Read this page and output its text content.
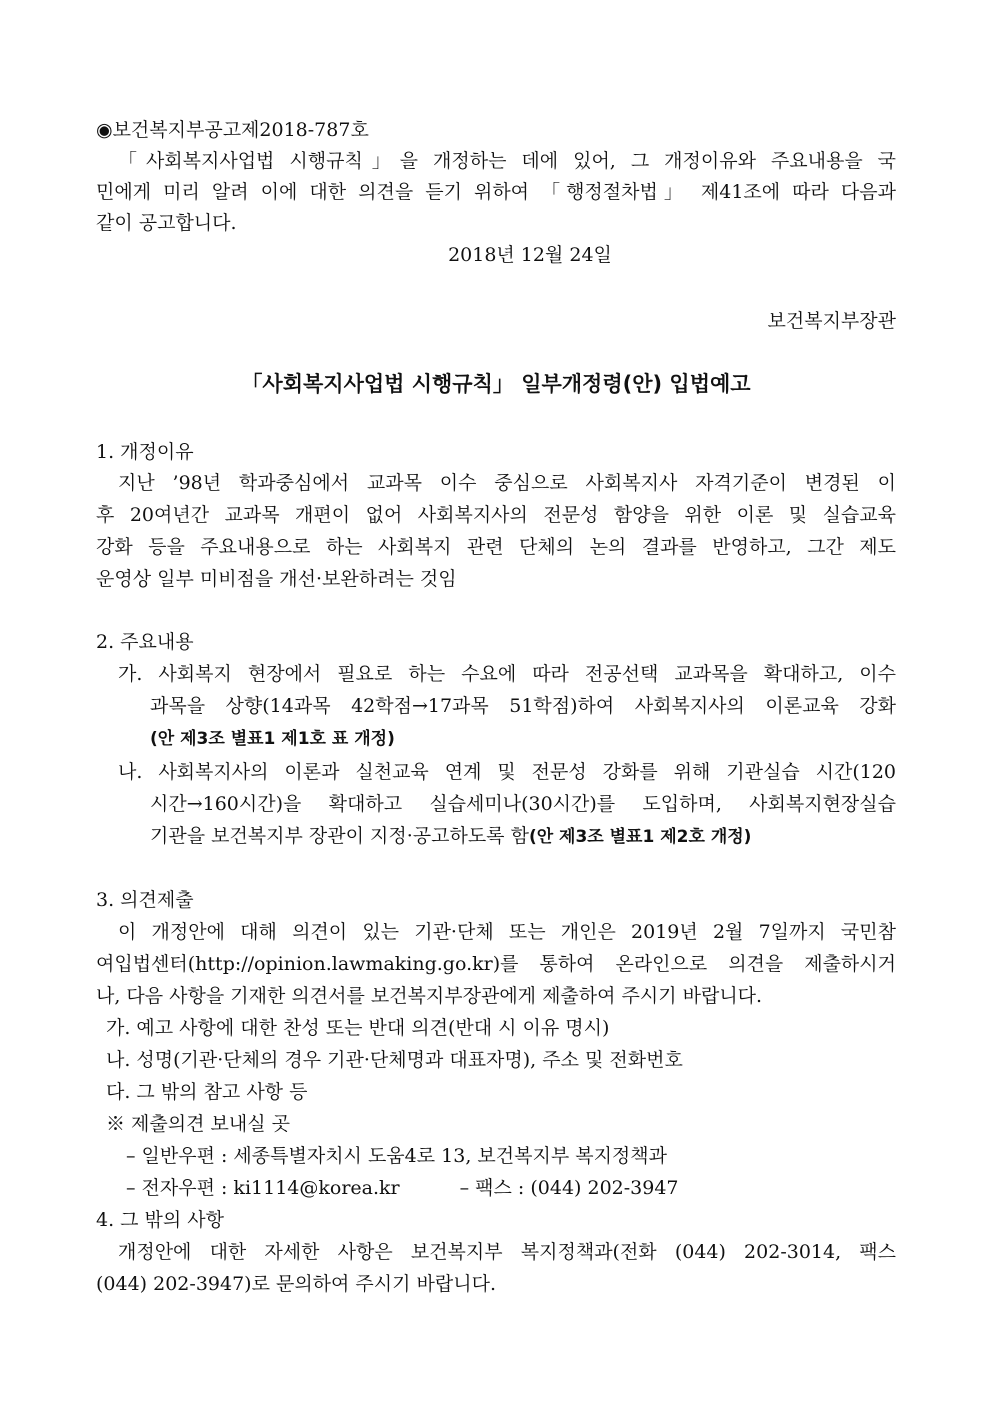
◉보건복지부공고제2018-787호
「사회복지사업법 시행규칙」을 개정하는 데에 있어, 그 개정이유와 주요내용을 국
민에게 미리 알려 이에 대한 의견을 듣기 위하여 「행정절차법」 제41조에 따라 다음과
같이 공고합니다.
2018년 12월 24일
보건복지부장관
「사회복지사업법 시행규칙」 일부개정령(안) 입법예고
1. 개정이유
지난 ’98년 학과중심에서 교과목 이수 중심으로 사회복지사 자격기준이 변경된 이
후 20여년간 교과목 개편이 없어 사회복지사의 전문성 함양을 위한 이론 및 실습교육
강화 등을 주요내용으로 하는 사회복지 관련 단체의 논의 결과를 반영하고, 그간 제도
운영상 일부 미비점을 개선·보완하려는 것임
2. 주요내용
가. 사회복지 현장에서 필요로 하는 수요에 따라 전공선택 교과목을 확대하고, 이수
과목을 상향(14과목 42학점→17과목 51학점)하여 사회복지사의 이론교육 강화
(안 제3조 별표1 제1호 표 개정)
나. 사회복지사의 이론과 실천교육 연계 및 전문성 강화를 위해 기관실습 시간(120
시간→160시간)을 확대하고 실습세미나(30시간)를 도입하며, 사회복지현장실습
기관을 보건복지부 장관이 지정·공고하도록 함(안 제3조 별표1 제2호 개정)
3. 의견제출
이 개정안에 대해 의견이 있는 기관·단체 또는 개인은 2019년 2월 7일까지 국민참
여입법센터(http://opinion.lawmaking.go.kr)를 통하여 온라인으로 의견을 제출하시거
나, 다음 사항을 기재한 의견서를 보건복지부장관에게 제출하여 주시기 바랍니다.
가. 예고 사항에 대한 찬성 또는 반대 의견(반대 시 이유 명시)
나. 성명(기관·단체의 경우 기관·단체명과 대표자명), 주소 및 전화번호
다. 그 밖의 참고 사항 등
※ 제출의견 보내실 곳
– 일반우편 : 세종특별자치시 도움4로 13, 보건복지부 복지정책과
– 전자우편 : ki1114@korea.kr	– 팩스 : (044) 202-3947
4. 그 밖의 사항
개정안에 대한 자세한 사항은 보건복지부 복지정책과(전화 (044) 202-3014, 팩스
(044) 202-3947)로 문의하여 주시기 바랍니다.
